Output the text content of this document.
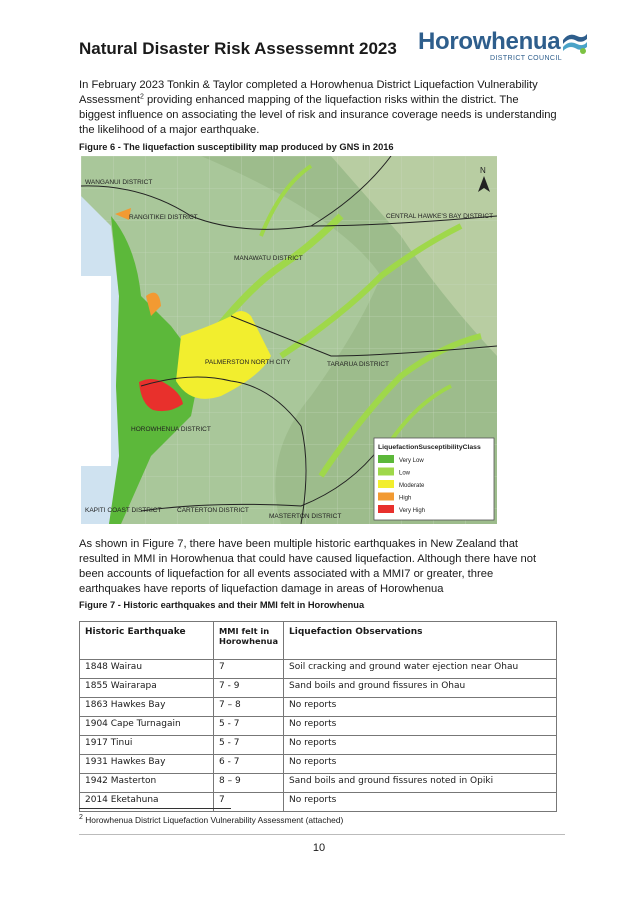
Natural Disaster Risk Assessemnt 2023 Horowhenua
DISTRICT COUNCIL

In February 2023 Tonkin & Taylor completed a Horowhenua District Liquefaction Vulnerability Assessment$^2$ providing enhanced mapping of the liquefaction risks within the district. The biggest influence on associating the level of risk and insurance coverage needs is understanding the likelihood of a major earthquake.

Figure 6 - The liquefaction susceptibility map produced by GNS in 2016

WANGANUI DISTRICT
RANGITIKEI DISTRICT	CENTRAL HAWKE'S BAY DISTRICT
MANAWATU DISTRICT
PALMERSTON NORTH CITY	TARARUA DISTRICT
HOROWHENUA DISTRICT
KAPITI COAST DISTRICT CARTERTON DISTRICT
MASTERTON DISTRICT
N
LiquefactionSusceptibilityClass
Very Low
Low
Moderate
High
Very High

As shown in Figure 7, there have been multiple historic earthquakes in New Zealand that resulted in MMI in Horowhenua that could have caused liquefaction. Although there have not been accounts of liquefaction for all events associated with a MMI7 or greater, three earthquakes have reports of liquefaction damage in areas of Horowhenua

Figure 7 - Historic earthquakes and their MMI felt in Horowhenua

Historic Earthquake	MMI felt in Horowhenua	Liquefaction Observations
1848 Wairau	7	Soil cracking and ground water ejection near Ohau
1855 Wairarapa	7 - 9	Sand boils and ground fissures in Ohau
1863 Hawkes Bay	7 – 8	No reports
1904 Cape Turnagain	5 - 7	No reports
1917 Tinui	5 - 7	No reports
1931 Hawkes Bay	6 - 7	No reports
1942 Masterton	8 – 9	Sand boils and ground fissures noted in Opiki
2014 Eketahuna	7	No reports

$^2$ Horowhenua District Liquefaction Vulnerability Assessment (attached)

10
